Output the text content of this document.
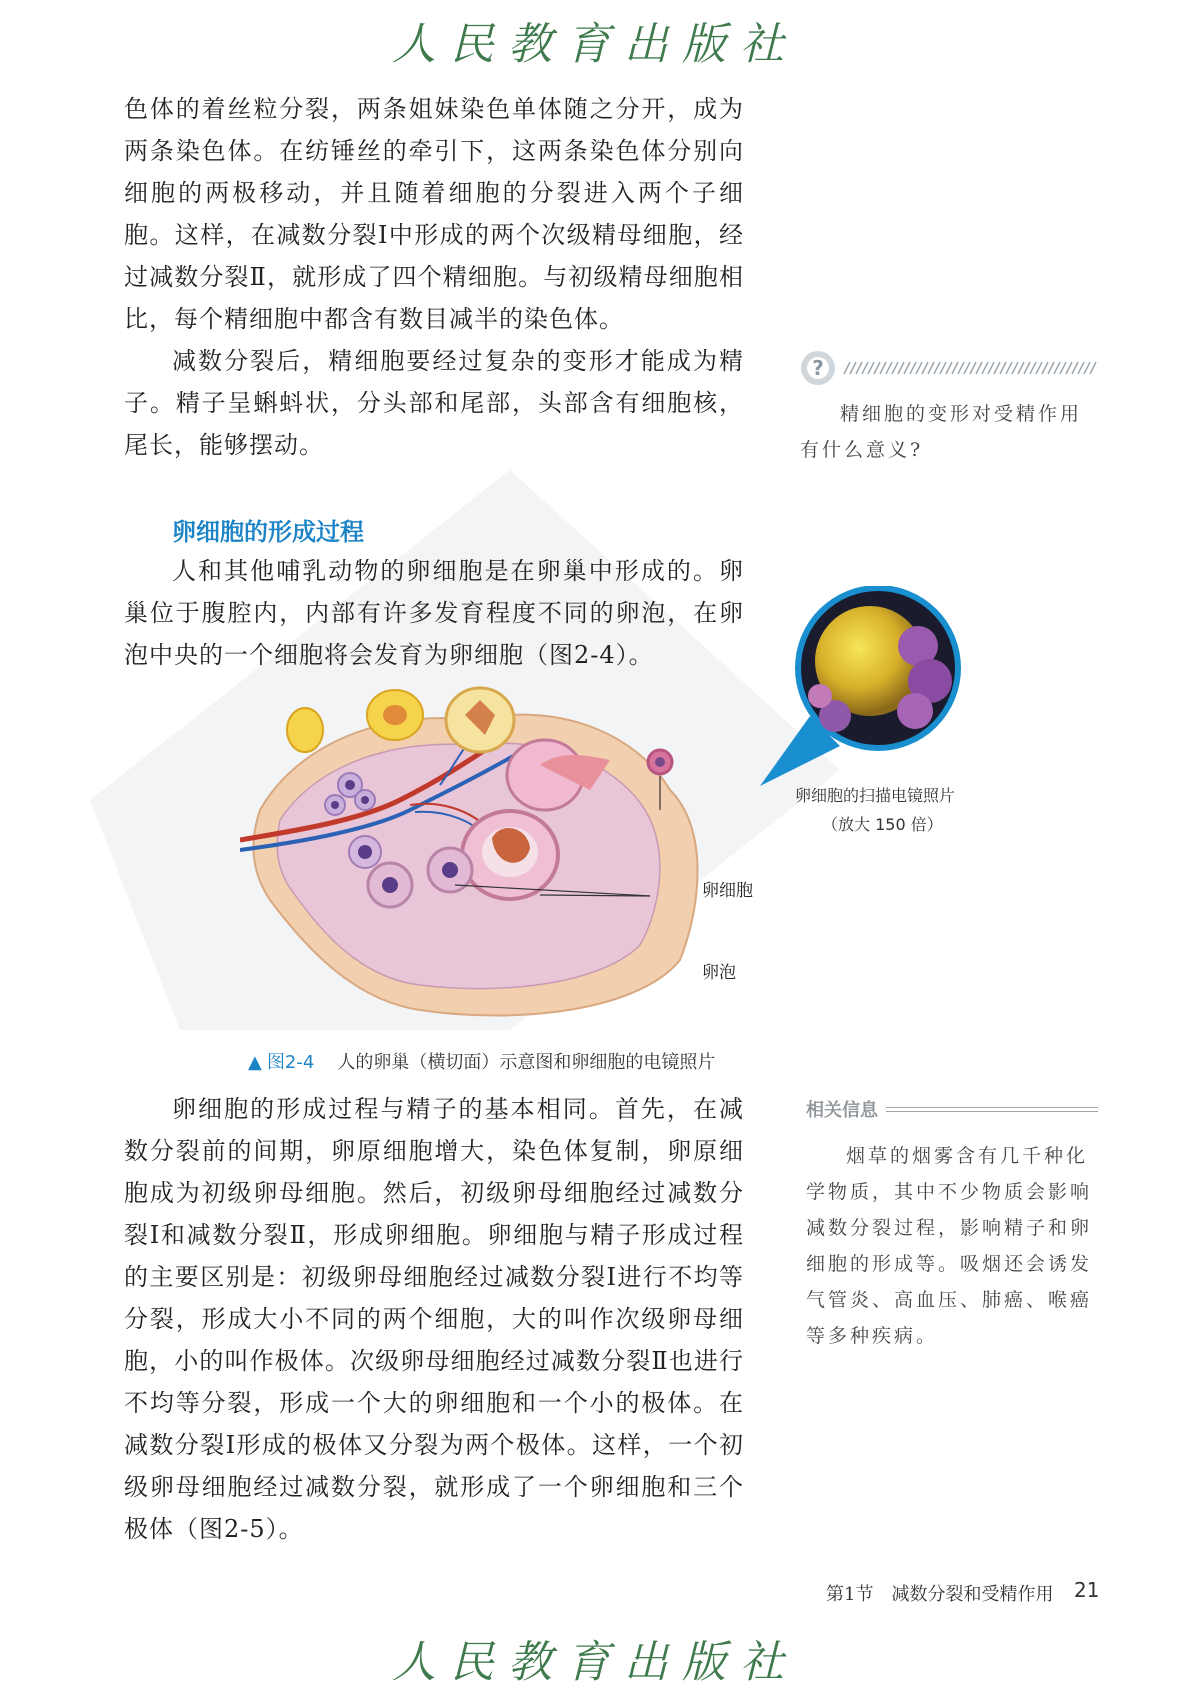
人民教育出版社

色体的着丝粒分裂，两条姐妹染色单体随之分开，成为两条染色体。在纺锤丝的牵引下，这两条染色体分别向细胞的两极移动，并且随着细胞的分裂进入两个子细胞。这样，在减数分裂Ⅰ中形成的两个次级精母细胞，经过减数分裂Ⅱ，就形成了四个精细胞。与初级精母细胞相比，每个精细胞中都含有数目减半的染色体。

减数分裂后，精细胞要经过复杂的变形才能成为精子。精子呈蝌蚪状，分头部和尾部，头部含有细胞核，尾长，能够摆动。

?

精细胞的变形对受精作用有什么意义?

卵细胞的形成过程

人和其他哺乳动物的卵细胞是在卵巢中形成的。卵巢位于腹腔内，内部有许多发育程度不同的卵泡，在卵泡中央的一个细胞将会发育为卵细胞（图2-4）。

卵细胞
卵泡
卵细胞的扫描电镜照片
（放大 150 倍）
▲ 图2-4 人的卵巢（横切面）示意图和卵细胞的电镜照片

卵细胞的形成过程与精子的基本相同。首先，在减数分裂前的间期，卵原细胞增大，染色体复制，卵原细胞成为初级卵母细胞。然后，初级卵母细胞经过减数分裂Ⅰ和减数分裂Ⅱ，形成卵细胞。卵细胞与精子形成过程的主要区别是：初级卵母细胞经过减数分裂Ⅰ进行不均等分裂，形成大小不同的两个细胞，大的叫作次级卵母细胞，小的叫作极体。次级卵母细胞经过减数分裂Ⅱ也进行不均等分裂，形成一个大的卵细胞和一个小的极体。在减数分裂Ⅰ形成的极体又分裂为两个极体。这样，一个初级卵母细胞经过减数分裂，就形成了一个卵细胞和三个极体（图2-5）。

相关信息

烟草的烟雾含有几千种化学物质，其中不少物质会影响减数分裂过程，影响精子和卵细胞的形成等。吸烟还会诱发气管炎、高血压、肺癌、喉癌等多种疾病。

第1节　减数分裂和受精作用 21
人民教育出版社
